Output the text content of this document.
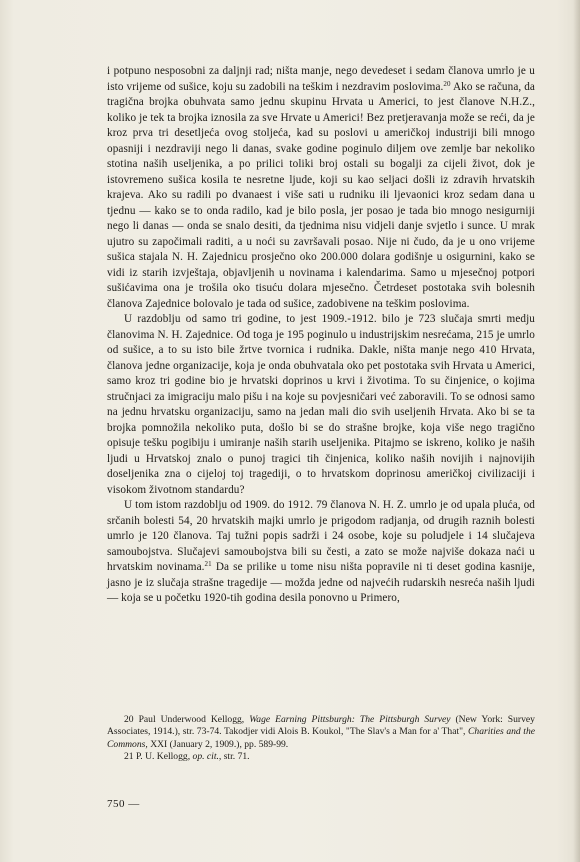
i potpuno nesposobni za daljnji rad; ništa manje, nego devedeset i sedam članova umrlo je u isto vrijeme od sušice, koju su zadobili na teškim i nezdravim poslovima.$^{20}$ Ako se računa, da tragična brojka obuhvata samo jednu skupinu Hrvata u Americi, to jest članove N.H.Z., koliko je tek ta brojka iznosila za sve Hrvate u Americi! Bez pretjeravanja može se reći, da je kroz prva tri desetljeća ovog stoljeća, kad su poslovi u američkoj industriji bili mnogo opasniji i nezdraviji nego li danas, svake godine poginulo diljem ove zemlje bar nekoliko stotina naših useljenika, a po prilici toliki broj ostali su bogalji za cijeli život, dok je istovremeno sušica kosila te nesretne ljude, koji su kao seljaci došli iz zdravih hrvatskih krajeva. Ako su radili po dvanaest i više sati u rudniku ili ljevaonici kroz sedam dana u tjednu — kako se to onda radilo, kad je bilo posla, jer posao je tada bio mnogo nesigurniji nego li danas — onda se snalo desiti, da tjednima nisu vidjeli danje svjetlo i sunce. U mrak ujutro su započimali raditi, a u noći su završavali posao. Nije ni čudo, da je u ono vrijeme sušica stajala N. H. Zajednicu prosječno oko 200.000 dolara godišnje u osigurnini, kako se vidi iz starih izvještaja, objavljenih u novinama i kalendarima. Samo u mjesečnoj potpori sušićavima ona je trošila oko tisuću dolara mjesečno. Četrdeset postotaka svih bolesnih članova Zajednice bolovalo je tada od sušice, zadobivene na teškim poslovima.

U razdoblju od samo tri godine, to jest 1909.-1912. bilo je 723 slučaja smrti medju članovima N. H. Zajednice. Od toga je 195 poginulo u industrijskim nesrećama, 215 je umrlo od sušice, a to su isto bile žrtve tvornica i rudnika. Dakle, ništa manje nego 410 Hrvata, članova jedne organizacije, koja je onda obuhvatala oko pet postotaka svih Hrvata u Americi, samo kroz tri godine bio je hrvatski doprinos u krvi i životima. To su činjenice, o kojima stručnjaci za imigraciju malo pišu i na koje su povjesničari već zaboravili. To se odnosi samo na jednu hrvatsku organizaciju, samo na jedan mali dio svih useljenih Hrvata. Ako bi se ta brojka pomnožila nekoliko puta, došlo bi se do strašne brojke, koja više nego tragično opisuje tešku pogibiju i umiranje naših starih useljenika. Pitajmo se iskreno, koliko je naših ljudi u Hrvatskoj znalo o punoj tragici tih činjenica, koliko naših novijih i najnovijih doseljenika zna o cijeloj toj tragediji, o to hrvatskom doprinosu američkoj civilizaciji i visokom životnom standardu?

U tom istom razdoblju od 1909. do 1912. 79 članova N. H. Z. umrlo je od upala pluća, od srčanih bolesti 54, 20 hrvatskih majki umrlo je prigodom radjanja, od drugih raznih bolesti umrlo je 120 članova. Taj tužni popis sadrži i 24 osobe, koje su poludjele i 14 slučajeva samoubojstva. Slučajevi samoubojstva bili su česti, a zato se može najviše dokaza naći u hrvatskim novinama.$^{21}$ Da se prilike u tome nisu ništa popravile ni ti deset godina kasnije, jasno je iz slučaja strašne tragedije — možda jedne od najvećih rudarskih nesreća naših ljudi — koja se u početku 1920-tih godina desila ponovno u Primero,

20 Paul Underwood Kellogg, Wage Earning Pittsburgh: The Pittsburgh Survey (New York: Survey Associates, 1914.), str. 73-74. Takodjer vidi Alois B. Koukol, "The Slav's a Man for a' That", Charities and the Commons, XXI (January 2, 1909.), pp. 589-99.

21 P. U. Kellogg, op. cit., str. 71.

750 —
